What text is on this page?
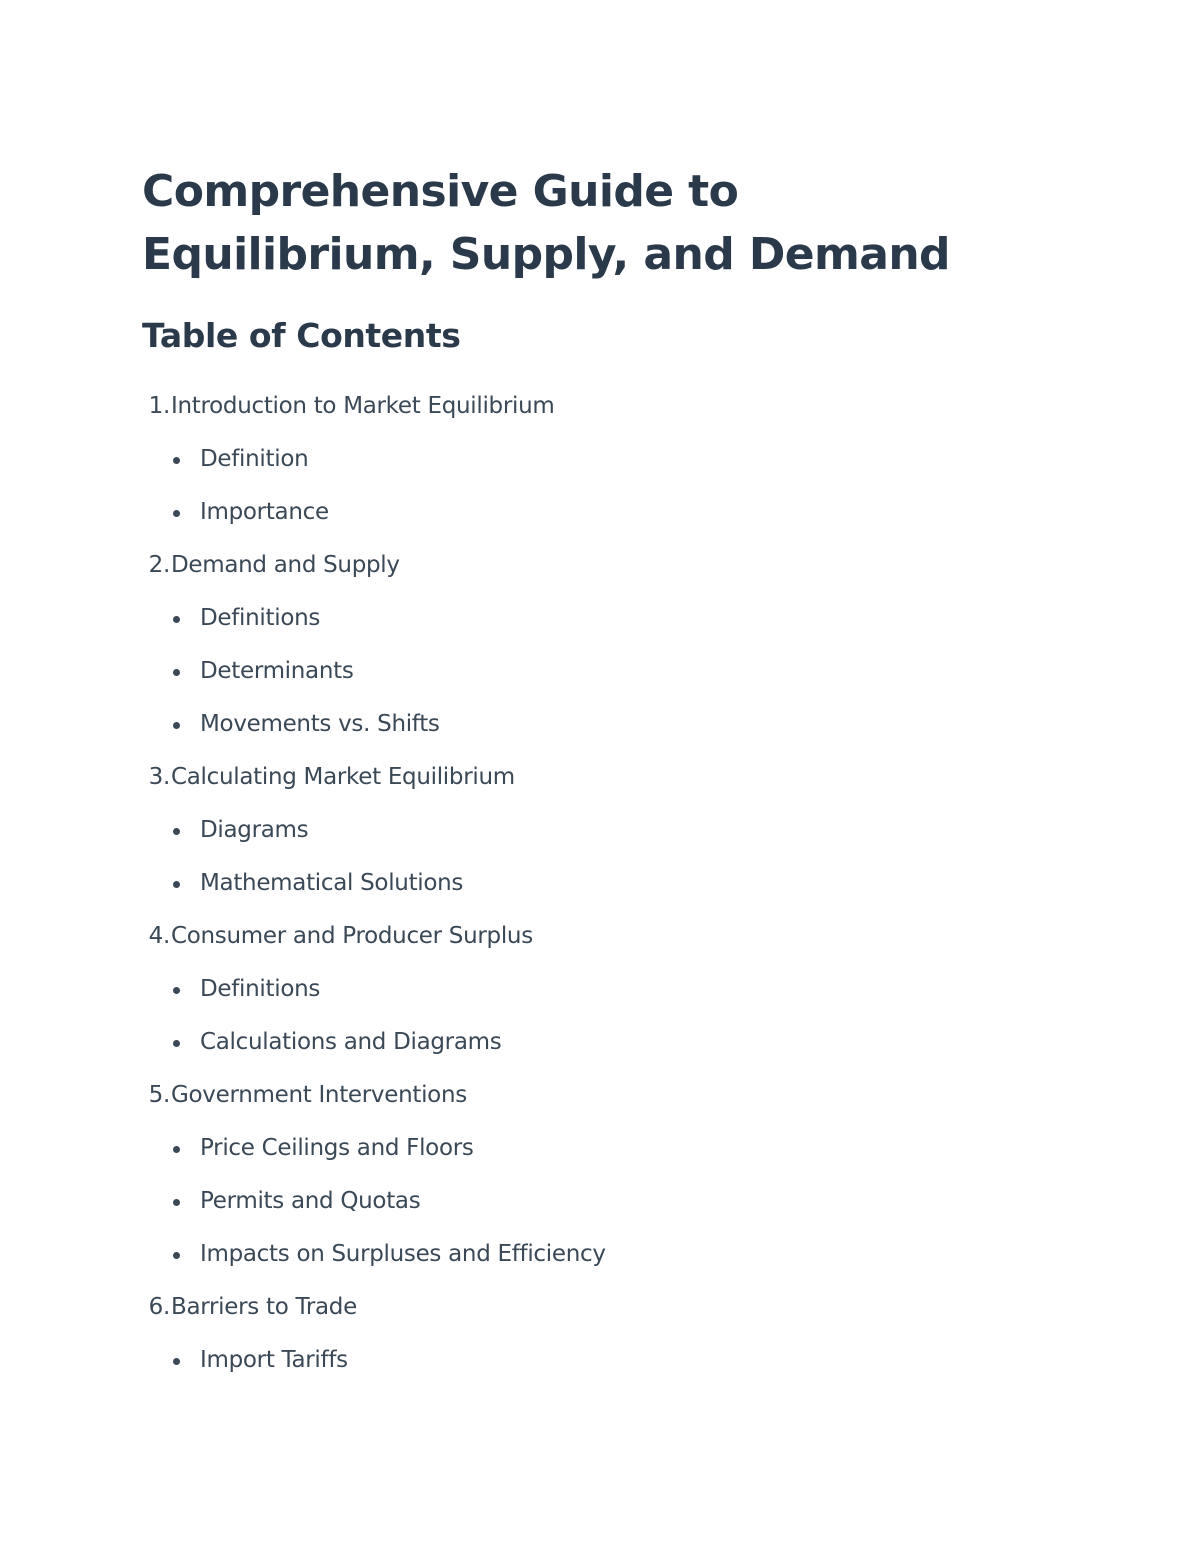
Comprehensive Guide to Equilibrium, Supply, and Demand
Table of Contents
1. Introduction to Market Equilibrium
Definition
Importance
2. Demand and Supply
Definitions
Determinants
Movements vs. Shifts
3. Calculating Market Equilibrium
Diagrams
Mathematical Solutions
4. Consumer and Producer Surplus
Definitions
Calculations and Diagrams
5. Government Interventions
Price Ceilings and Floors
Permits and Quotas
Impacts on Surpluses and Efficiency
6. Barriers to Trade
Import Tariffs
